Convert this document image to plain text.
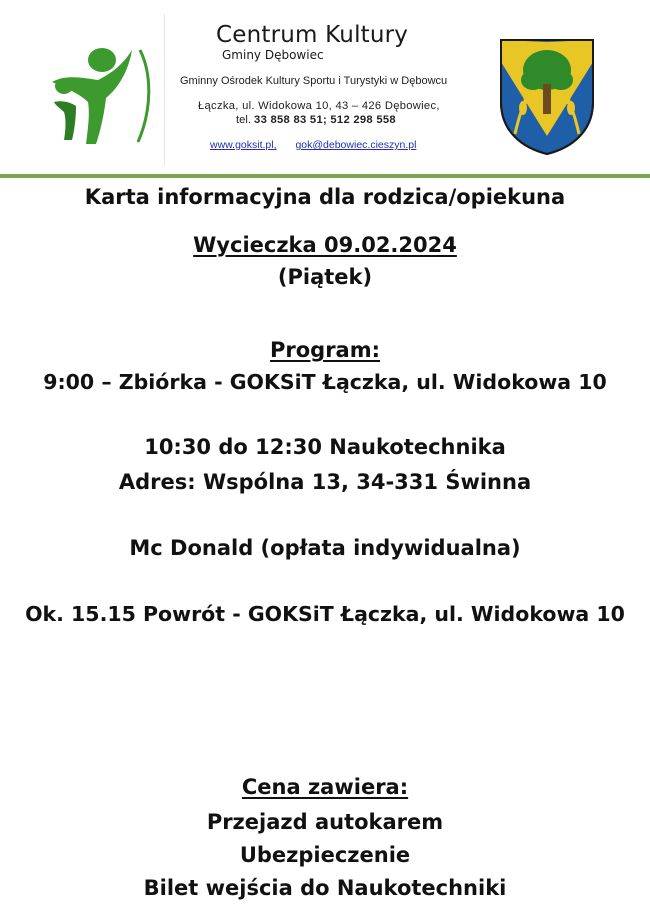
Centrum Kultury
Gminy Dębowiec
Gminny Ośrodek Kultury Sportu i Turystyki w Dębowcu
Łączka, ul. Widokowa 10, 43 – 426 Dębowiec,
tel. 33 858 83 51; 512 298 558
www.goksit.pl, gok@debowiec.cieszyn.pl
Karta informacyjna dla rodzica/opiekuna
Wycieczka 09.02.2024
(Piątek)
Program:
9:00 – Zbiórka - GOKSiT Łączka, ul. Widokowa 10
10:30 do 12:30 Naukotechnika
Adres: Wspólna 13, 34-331 Świnna
Mc Donald (opłata indywidualna)
Ok. 15.15 Powrót - GOKSiT Łączka, ul. Widokowa 10
Cena zawiera:
Przejazd autokarem
Ubezpieczenie
Bilet wejścia do Naukotechniki
